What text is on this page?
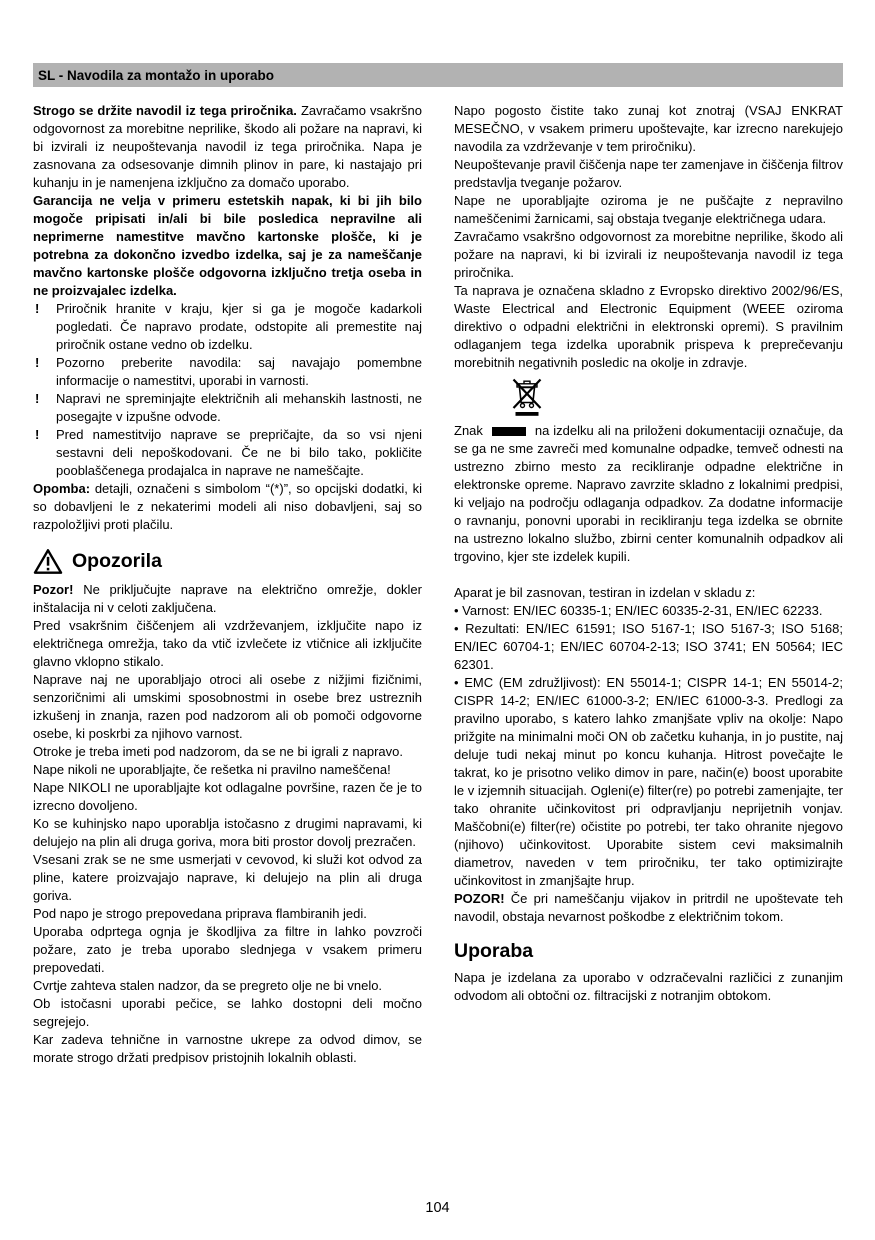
SL - Navodila za montažo in uporabo

Strogo se držite navodil iz tega priročnika. Zavračamo vsakršno odgovornost za morebitne neprilike, škodo ali požare na napravi, ki bi izvirali iz neupoštevanja navodil iz tega priročnika. Napa je zasnovana za odsesovanje dimnih plinov in pare, ki nastajajo pri kuhanju in je namenjena izključno za domačo uporabo.

Garancija ne velja v primeru estetskih napak, ki bi jih bilo mogoče pripisati in/ali bi bile posledica nepravilne ali neprimerne namestitve mavčno kartonske plošče, ki je potrebna za dokončno izvedbo izdelka, saj je za nameščanje mavčno kartonske plošče odgovorna izključno tretja oseba in ne proizvajalec izdelka.

! Priročnik hranite v kraju, kjer si ga je mogoče kadarkoli pogledati. Če napravo prodate, odstopite ali premestite naj priročnik ostane vedno ob izdelku.

! Pozorno preberite navodila: saj navajajo pomembne informacije o namestitvi, uporabi in varnosti.

! Napravi ne spreminjajte električnih ali mehanskih lastnosti, ne posegajte v izpušne odvode.

! Pred namestitvijo naprave se prepričajte, da so vsi njeni sestavni deli nepoškodovani. Če ne bi bilo tako, pokličite pooblaščenega prodajalca in naprave ne nameščajte.

Opomba: detajli, označeni s simbolom “(*)”, so opcijski dodatki, ki so dobavljeni le z nekaterimi modeli ali niso dobavljeni, saj so razpoložljivi proti plačilu.

Opozorila

Pozor! Ne priključujte naprave na električno omrežje, dokler inštalacija ni v celoti zaključena.

Pred vsakršnim čiščenjem ali vzdrževanjem, izključite napo iz električnega omrežja, tako da vtič izvlečete iz vtičnice ali izključite glavno vklopno stikalo.

Naprave naj ne uporabljajo otroci ali osebe z nižjimi fizičnimi, senzoričnimi ali umskimi sposobnostmi in osebe brez ustreznih izkušenj in znanja, razen pod nadzorom ali ob pomoči odgovorne osebe, ki poskrbi za njihovo varnost.

Otroke je treba imeti pod nadzorom, da se ne bi igrali z napravo.

Nape nikoli ne uporabljajte, če rešetka ni pravilno nameščena!

Nape NIKOLI ne uporabljajte kot odlagalne površine, razen če je to izrecno dovoljeno.

Ko se kuhinjsko napo uporablja istočasno z drugimi napravami, ki delujejo na plin ali druga goriva, mora biti prostor dovolj prezračen.

Vsesani zrak se ne sme usmerjati v cevovod, ki služi kot odvod za pline, katere proizvajajo naprave, ki delujejo na plin ali druga goriva.

Pod napo je strogo prepovedana priprava flambiranih jedi.

Uporaba odprtega ognja je škodljiva za filtre in lahko povzroči požare, zato je treba uporabo slednjega v vsakem primeru prepovedati.

Cvrtje zahteva stalen nadzor, da se pregreto olje ne bi vnelo.

Ob istočasni uporabi pečice, se lahko dostopni deli močno segrejejo.

Kar zadeva tehnične in varnostne ukrepe za odvod dimov, se morate strogo držati predpisov pristojnih lokalnih oblasti.

Napo pogosto čistite tako zunaj kot znotraj (VSAJ ENKRAT MESEČNO, v vsakem primeru upoštevajte, kar izrecno narekujejo navodila za vzdrževanje v tem priročniku).

Neupoštevanje pravil čiščenja nape ter zamenjave in čiščenja filtrov predstavlja tveganje požarov.

Nape ne uporabljajte oziroma je ne puščajte z nepravilno nameščenimi žarnicami, saj obstaja tveganje električnega udara.

Zavračamo vsakršno odgovornost za morebitne neprilike, škodo ali požare na napravi, ki bi izvirali iz neupoštevanja navodil iz tega priročnika.

Ta naprava je označena skladno z Evropsko direktivo 2002/96/ES, Waste Electrical and Electronic Equipment (WEEE oziroma direktivo o odpadni električni in elektronski opremi). S pravilnim odlaganjem tega izdelka uporabnik prispeva k preprečevanju morebitnih negativnih posledic na okolje in zdravje.

Znak	na izdelku ali na priloženi dokumentaciji označuje, da se ga ne sme zavreči med komunalne odpadke, temveč odnesti na ustrezno zbirno mesto za recikliranje odpadne električne in elektronske opreme. Napravo zavrzite skladno z lokalnimi predpisi, ki veljajo na področju odlaganja odpadkov. Za dodatne informacije o ravnanju, ponovni uporabi in recikliranju tega izdelka se obrnite na ustrezno lokalno službo, zbirni center komunalnih odpadkov ali trgovino, kjer ste izdelek kupili.

Aparat je bil zasnovan, testiran in izdelan v skladu z:

• Varnost: EN/IEC 60335-1; EN/IEC 60335-2-31, EN/IEC 62233.

• Rezultati: EN/IEC 61591; ISO 5167-1; ISO 5167-3; ISO 5168; EN/IEC 60704-1; EN/IEC 60704-2-13; ISO 3741; EN 50564; IEC 62301.

• EMC (EM združljivost): EN 55014-1; CISPR 14-1; EN 55014-2; CISPR 14-2; EN/IEC 61000-3-2; EN/IEC 61000-3-3. Predlogi za pravilno uporabo, s katero lahko zmanjšate vpliv na okolje: Napo prižgite na minimalni moči ON ob začetku kuhanja, in jo pustite, naj deluje tudi nekaj minut po koncu kuhanja. Hitrost povečajte le takrat, ko je prisotno veliko dimov in pare, način(e) boost uporabite le v izjemnih situacijah. Ogleni(e) filter(re) po potrebi zamenjajte, ter tako ohranite učinkovitost pri odpravljanju neprijetnih vonjav. Maščobni(e) filter(re) očistite po potrebi, ter tako ohranite njegovo (njihovo) učinkovitost. Uporabite sistem cevi maksimalnih diametrov, naveden v tem priročniku, ter tako optimizirajte učinkovitost in zmanjšajte hrup.

POZOR! Če pri nameščanju vijakov in pritrdil ne upoštevate teh navodil, obstaja nevarnost poškodbe z električnim tokom.

Uporaba

Napa je izdelana za uporabo v odzračevalni različici z zunanjim odvodom ali obtočni oz. filtracijski z notranjim obtokom.

104
